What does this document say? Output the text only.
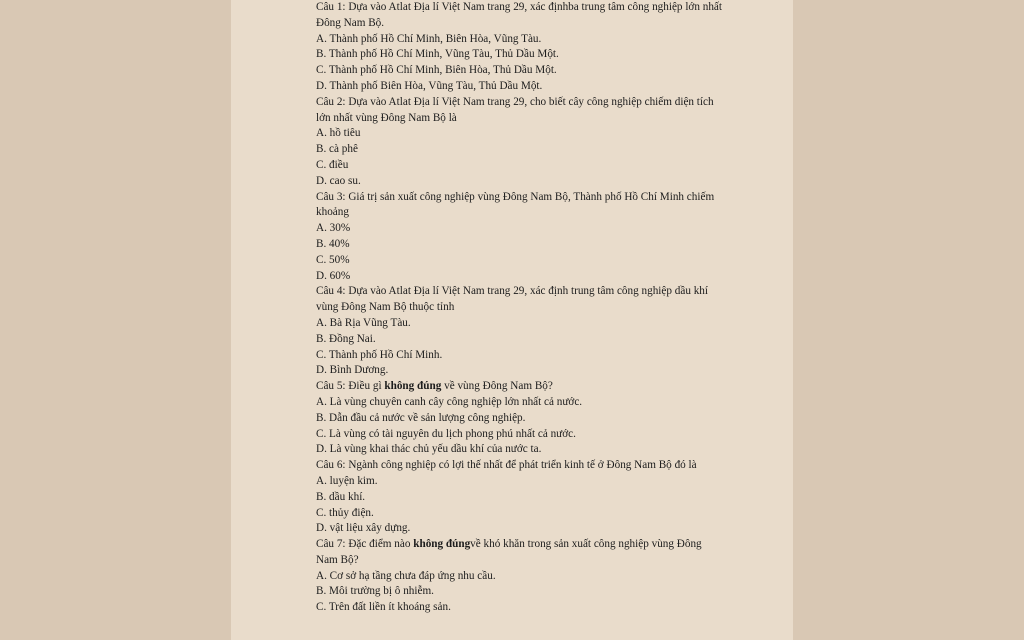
Câu 1: Dựa vào Atlat Địa lí Việt Nam trang 29, xác địnhba trung tâm công nghiệp lớn nhất Đông Nam Bộ.
A. Thành phố Hồ Chí Minh, Biên Hòa, Vũng Tàu.
B. Thành phố Hồ Chí Minh, Vũng Tàu, Thủ Dầu Một.
C. Thành phố Hồ Chí Minh, Biên Hòa, Thủ Dầu Một.
D. Thành phố Biên Hòa, Vũng Tàu, Thủ Dầu Một.
Câu 2: Dựa vào Atlat Địa lí Việt Nam trang 29, cho biết cây công nghiệp chiếm diện tích lớn nhất vùng Đông Nam Bộ là
A. hồ tiêu
B. cà phê
C. điều
D. cao su.
Câu 3: Giá trị sản xuất công nghiệp vùng Đông Nam Bộ, Thành phố Hồ Chí Minh chiếm khoảng
A. 30%
B. 40%
C. 50%
D. 60%
Câu 4: Dựa vào Atlat Địa lí Việt Nam trang 29, xác định trung tâm công nghiệp dầu khí vùng Đông Nam Bộ thuộc tỉnh
A. Bà Rịa Vũng Tàu.
B. Đồng Nai.
C. Thành phố Hồ Chí Minh.
D. Bình Dương.
Câu 5: Điều gì không đúng về vùng Đông Nam Bộ?
A. Là vùng chuyên canh cây công nghiệp lớn nhất cả nước.
B. Dẫn đầu cả nước về sản lượng công nghiệp.
C. Là vùng có tài nguyên du lịch phong phú nhất cả nước.
D. Là vùng khai thác chủ yếu dầu khí của nước ta.
Câu 6: Ngành công nghiệp có lợi thế nhất để phát triển kinh tế ở Đông Nam Bộ đó là
A. luyện kim.
B. dầu khí.
C. thủy điện.
D. vật liệu xây dựng.
Câu 7: Đặc điểm nào không đúngvề khó khăn trong sản xuất công nghiệp vùng Đông Nam Bộ?
A. Cơ sở hạ tầng chưa đáp ứng nhu cầu.
B. Môi trường bị ô nhiễm.
C. Trên đất liền ít khoáng sản.
